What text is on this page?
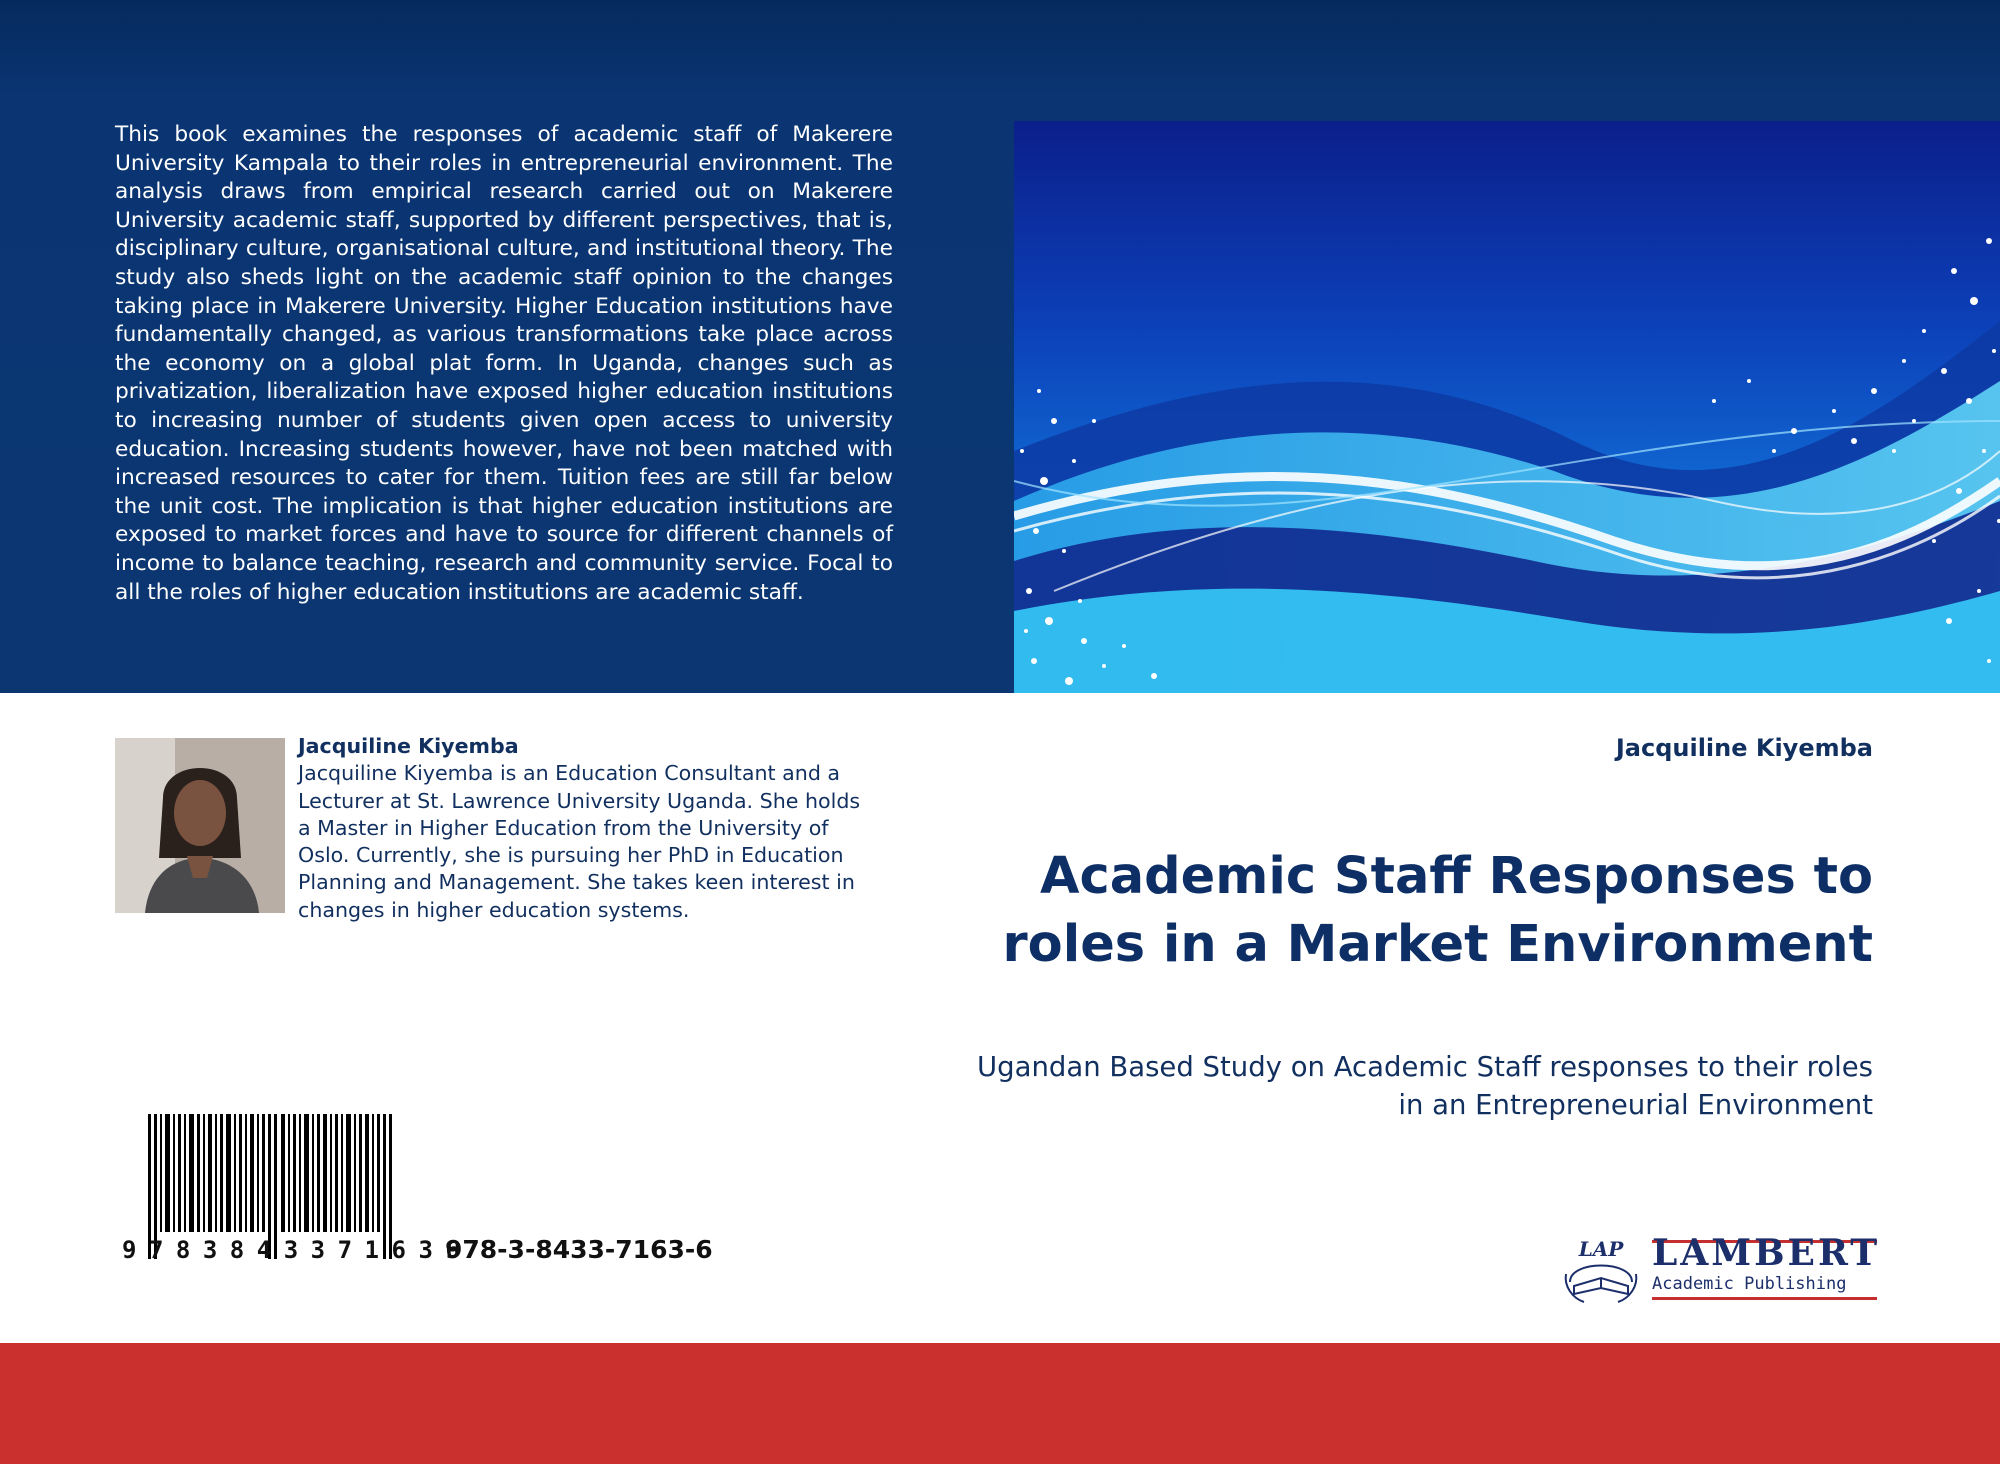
This book examines the responses of academic staff of Makerere University Kampala to their roles in entrepreneurial environment. The analysis draws from empirical research carried out on Makerere University academic staff, supported by different perspectives, that is, disciplinary culture, organisational culture, and institutional theory. The study also sheds light on the academic staff opinion to the changes taking place in Makerere University. Higher Education institutions have fundamentally changed, as various transformations take place across the economy on a global plat form. In Uganda, changes such as privatization, liberalization have exposed higher education institutions to increasing number of students given open access to university education. Increasing students however, have not been matched with increased resources to cater for them. Tuition fees are still far below the unit cost. The implication is that higher education institutions are exposed to market forces and have to source for different channels of income to balance teaching, research and community service. Focal to all the roles of higher education institutions are academic staff.

Jacquiline Kiyemba
Jacquiline Kiyemba is an Education Consultant and a Lecturer at St. Lawrence University Uganda. She holds a Master in Higher Education from the University of Oslo. Currently, she is pursuing her PhD in Education Planning and Management. She takes keen interest in changes in higher education systems.
Jacquiline Kiyemba
Academic Staff Responses to roles in a Market Environment

Ugandan Based Study on Academic Staff responses to their roles in an Entrepreneurial Environment

9783843371636
978-3-8433-7163-6	LAP LAMBERT
Academic Publishing
